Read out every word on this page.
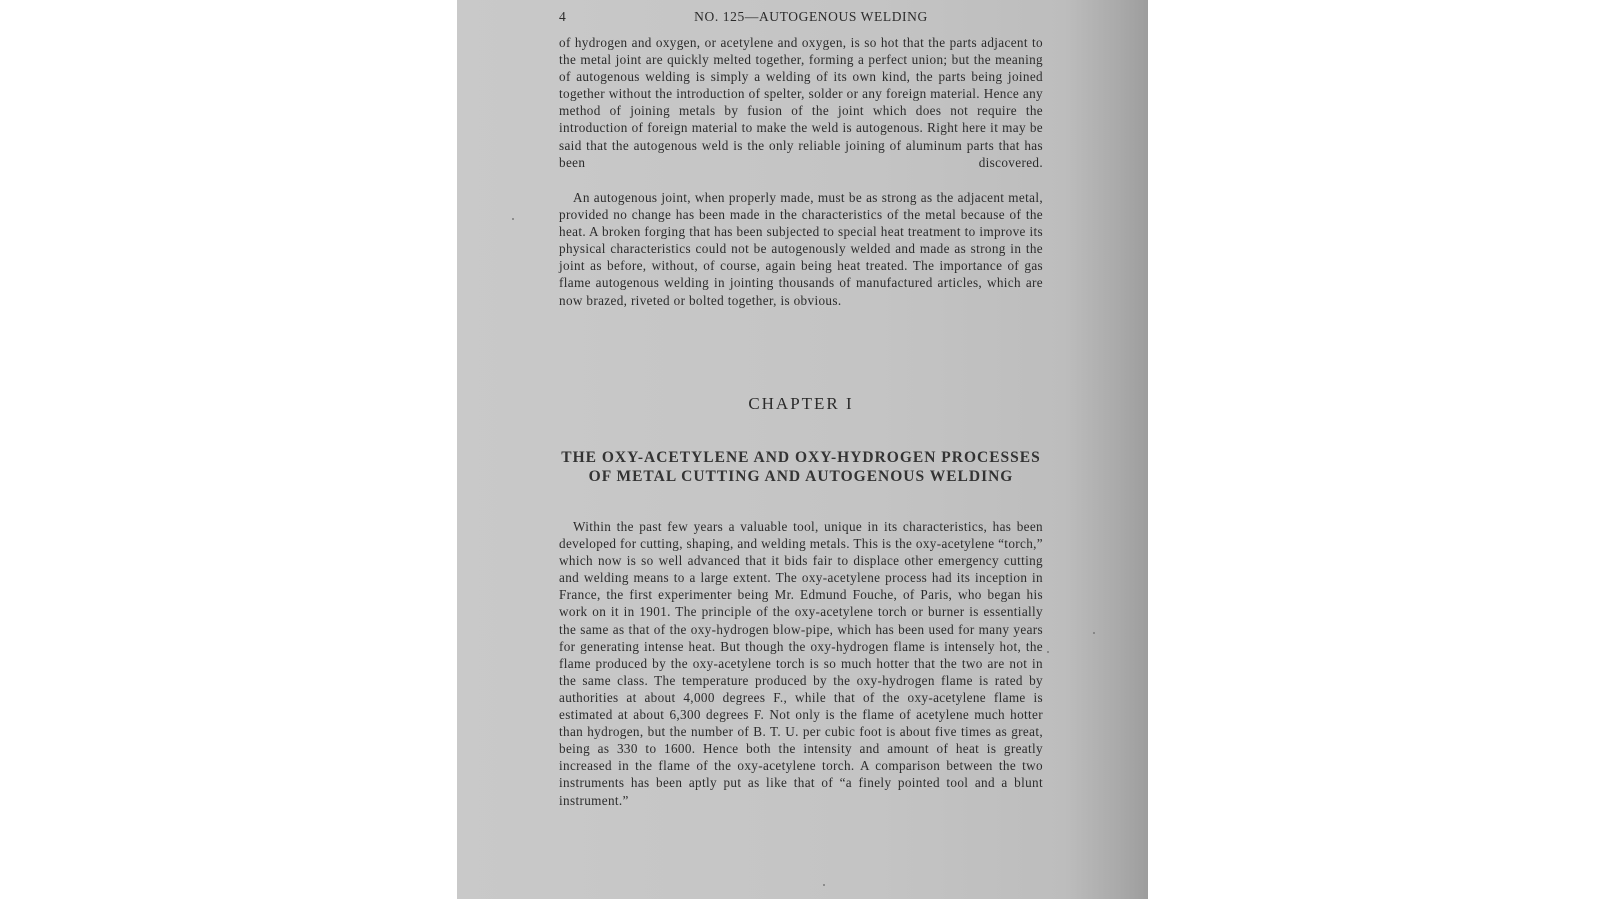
4	NO. 125—AUTOGENOUS WELDING

of hydrogen and oxygen, or acetylene and oxygen, is so hot that the parts adjacent to the metal joint are quickly melted together, forming a perfect union; but the meaning of autogenous welding is simply a welding of its own kind, the parts being joined together without the introduction of spelter, solder or any foreign material. Hence any method of joining metals by fusion of the joint which does not require the introduction of foreign material to make the weld is autogenous. Right here it may be said that the autogenous weld is the only reliable joining of aluminum parts that has been discovered.

An autogenous joint, when properly made, must be as strong as the adjacent metal, provided no change has been made in the characteristics of the metal because of the heat. A broken forging that has been subjected to special heat treatment to improve its physical characteristics could not be autogenously welded and made as strong in the joint as before, without, of course, again being heat treated. The importance of gas flame autogenous welding in jointing thousands of manufactured articles, which are now brazed, riveted or bolted together, is obvious.

CHAPTER I
THE OXY-ACETYLENE AND OXY-HYDROGEN PROCESSES OF METAL CUTTING AND AUTOGENOUS WELDING

Within the past few years a valuable tool, unique in its characteristics, has been developed for cutting, shaping, and welding metals. This is the oxy-acetylene “torch,” which now is so well advanced that it bids fair to displace other emergency cutting and welding means to a large extent. The oxy-acetylene process had its inception in France, the first experimenter being Mr. Edmund Fouche, of Paris, who began his work on it in 1901. The principle of the oxy-acetylene torch or burner is essentially the same as that of the oxy-hydrogen blow-pipe, which has been used for many years for generating intense heat. But though the oxy-hydrogen flame is intensely hot, the flame produced by the oxy-acetylene torch is so much hotter that the two are not in the same class. The temperature produced by the oxy-hydrogen flame is rated by authorities at about 4,000 degrees F., while that of the oxy-acetylene flame is estimated at about 6,300 degrees F. Not only is the flame of acetylene much hotter than hydrogen, but the number of B. T. U. per cubic foot is about five times as great, being as 330 to 1600. Hence both the intensity and amount of heat is greatly increased in the flame of the oxy-acetylene torch. A comparison between the two instruments has been aptly put as like that of “a finely pointed tool and a blunt instrument.”
